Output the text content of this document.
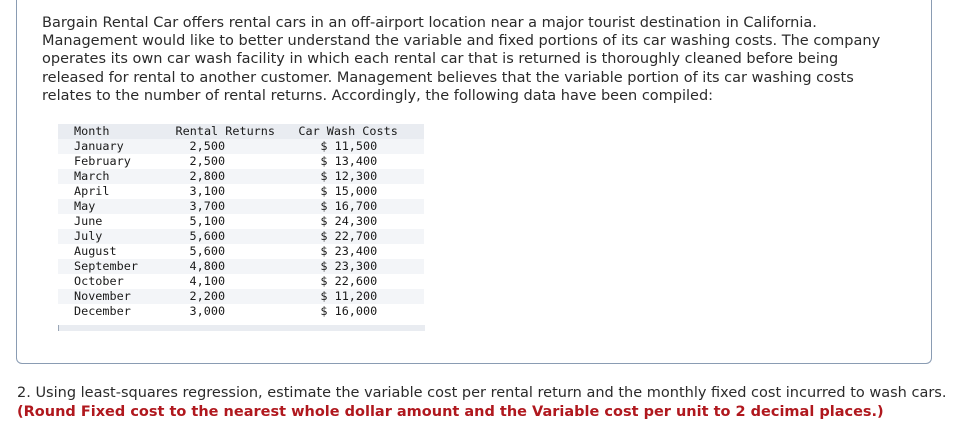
Bargain Rental Car offers rental cars in an off-airport location near a major tourist destination in California. Management would like to better understand the variable and fixed portions of its car washing costs. The company operates its own car wash facility in which each rental car that is returned is thoroughly cleaned before being released for rental to another customer. Management believes that the variable portion of its car washing costs relates to the number of rental returns. Accordingly, the following data have been compiled:

Month	Rental Returns	Car Wash Costs
January	2,500	$ 11,500
February	2,500	$ 13,400
March	2,800	$ 12,300
April	3,100	$ 15,000
May	3,700	$ 16,700
June	5,100	$ 24,300
July	5,600	$ 22,700
August	5,600	$ 23,400
September	4,800	$ 23,300
October	4,100	$ 22,600
November	2,200	$ 11,200
December	3,000	$ 16,000

2. Using least-squares regression, estimate the variable cost per rental return and the monthly fixed cost incurred to wash cars. (Round Fixed cost to the nearest whole dollar amount and the Variable cost per unit to 2 decimal places.)
